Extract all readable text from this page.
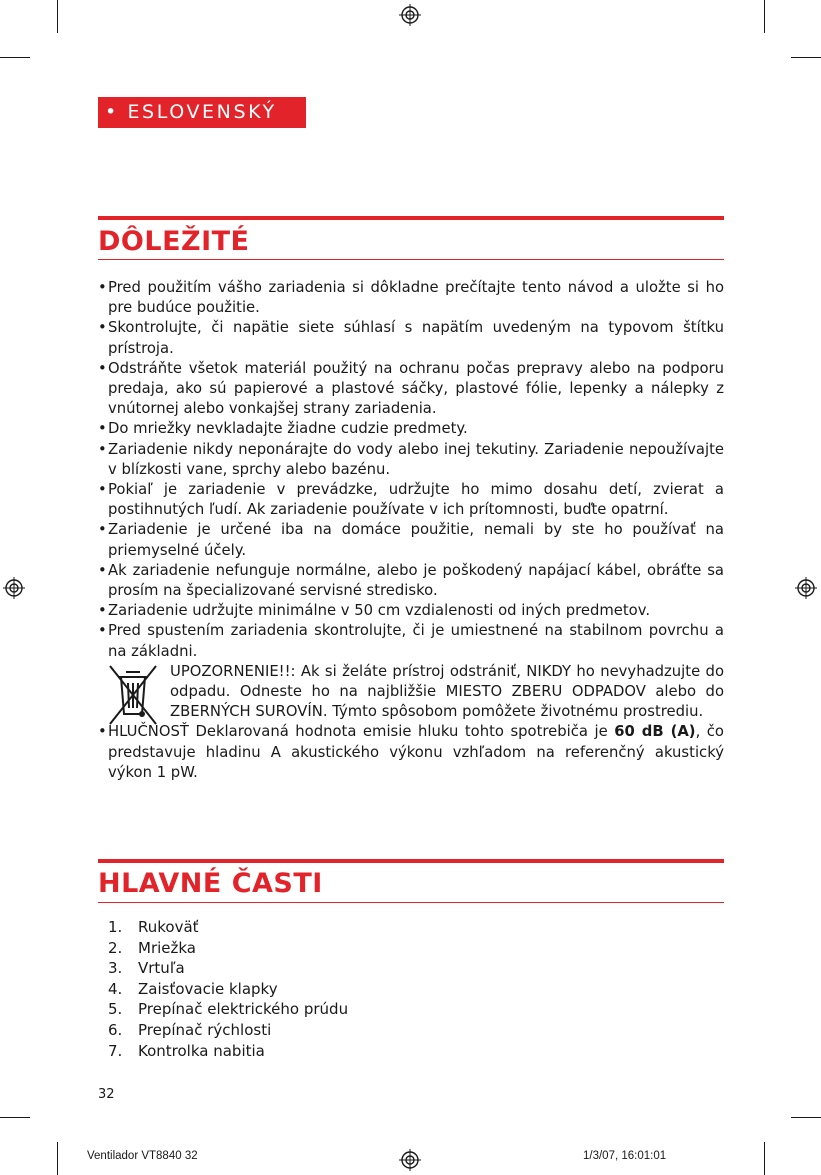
• ESLOVENSKÝ
DÔLEŽITÉ
• Pred použitím vášho zariadenia si dôkladne prečítajte tento návod a uložte si ho pre budúce použitie.
• Skontrolujte, či napätie siete súhlasí s napätím uvedeným na typovom štítku prístroja.
• Odstráňte všetok materiál použitý na ochranu počas prepravy alebo na podporu predaja, ako sú papierové a plastové sáčky, plastové fólie, lepenky a nálepky z vnútornej alebo vonkajšej strany zariadenia.
• Do mriežky nevkladajte žiadne cudzie predmety.
• Zariadenie nikdy neponárajte do vody alebo inej tekutiny. Zariadenie nepoužívajte v blízkosti vane, sprchy alebo bazénu.
• Pokiaľ je zariadenie v prevádzke, udržujte ho mimo dosahu detí, zvierat a postihnutých ľudí. Ak zariadenie používate v ich prítomnosti, buďte opatrní.
• Zariadenie je určené iba na domáce použitie, nemali by ste ho používať na priemyselné účely.
• Ak zariadenie nefunguje normálne, alebo je poškodený napájací kábel, obráťte sa prosím na špecializované servisné stredisko.
• Zariadenie udržujte minimálne v 50 cm vzdialenosti od iných predmetov.
• Pred spustením zariadenia skontrolujte, či je umiestnené na stabilnom povrchu a na základni.
UPOZORNENIE!!: Ak si želáte prístroj odstrániť, NIKDY ho nevyhadzujte do odpadu. Odneste ho na najbližšie MIESTO ZBERU ODPADOV alebo do ZBERNÝCH SUROVÍN. Týmto spôsobom pomôžete životnému prostrediu.
• HLUČNOSŤ Deklarovaná hodnota emisie hluku tohto spotrebiča je 60 dB (A), čo predstavuje hladinu A akustického výkonu vzhľadom na referenčný akustický výkon 1 pW.
HLAVNÉ ČASTI
1.	Rukoväť
2.	Mriežka
3.	Vrtuľa
4.	Zaisťovacie klapky
5.	Prepínač elektrického prúdu
6.	Prepínač rýchlosti
7.	Kontrolka nabitia
32
Ventilador VT8840 32	1/3/07, 16:01:01
